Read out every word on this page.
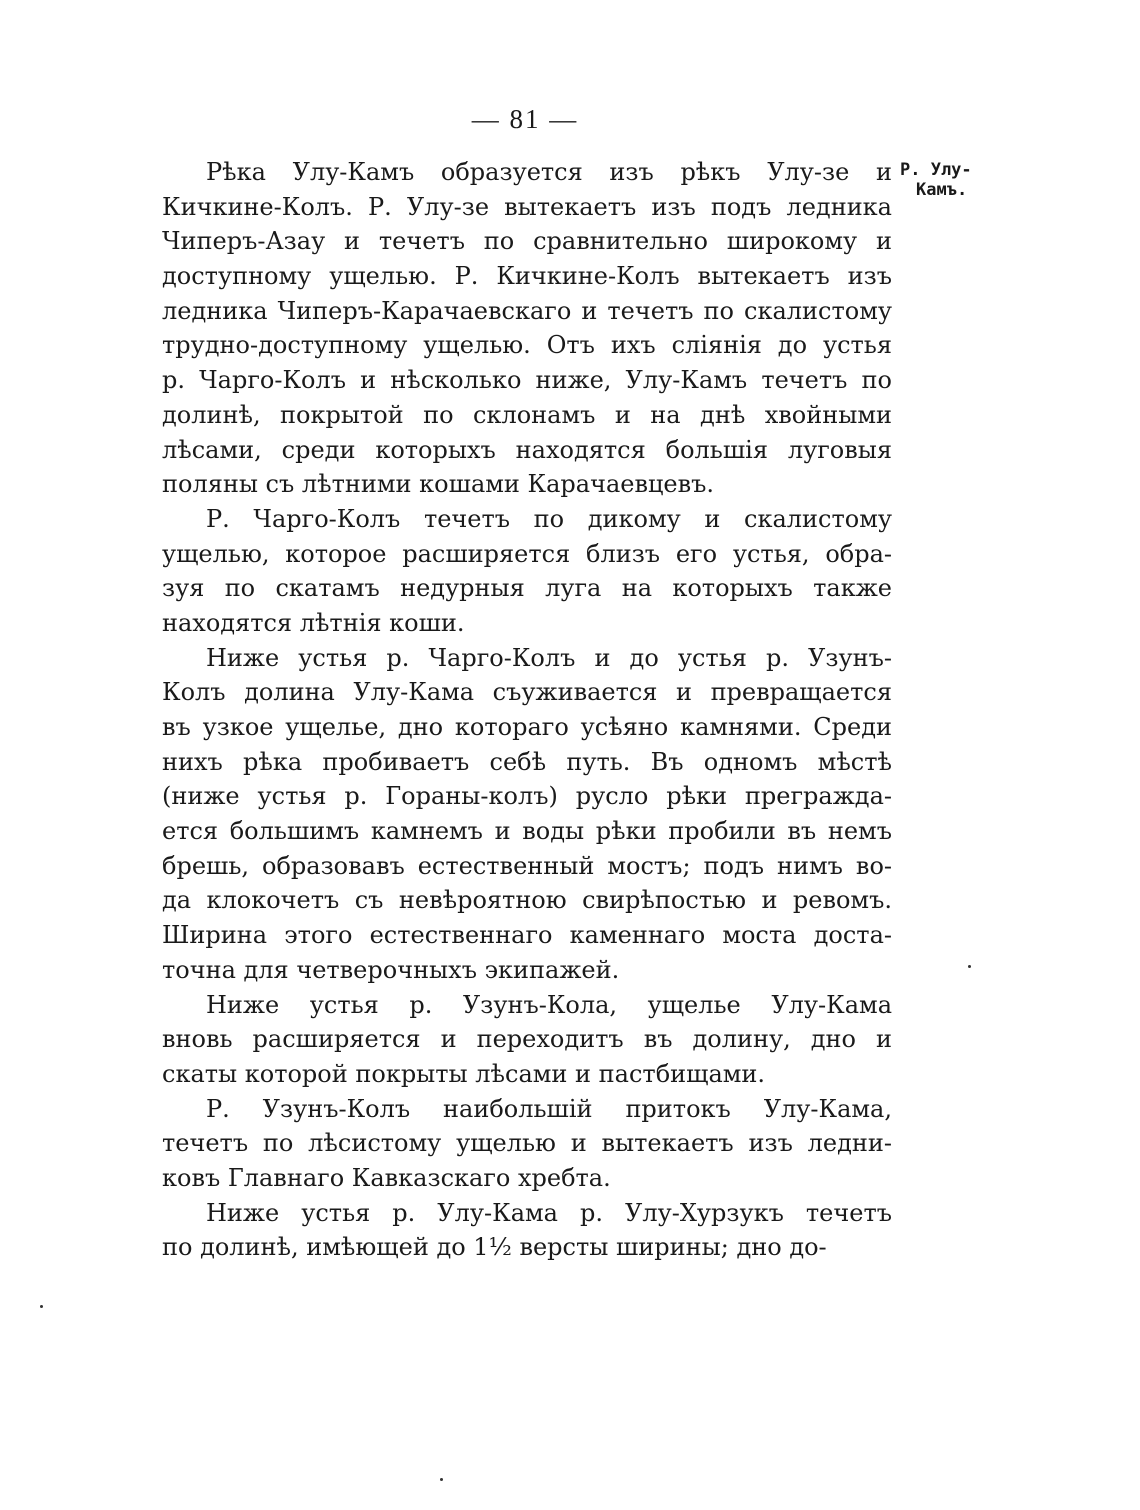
— 81 —
Р. Улу-
Камъ.
Рѣка Улу-Камъ образуется изъ рѣкъ Улу-зе и
Кичкине-Колъ. Р. Улу-зе вытекаетъ изъ подъ ледника
Чиперъ-Азау и течетъ по сравнительно широкому и
доступному ущелью. Р. Кичкине-Колъ вытекаетъ изъ
ледника Чиперъ-Карачаевскаго и течетъ по скалистому
трудно-доступному ущелью. Отъ ихъ сліянія до устья
р. Чарго-Колъ и нѣсколько ниже, Улу-Камъ течетъ по
долинѣ, покрытой по склонамъ и на днѣ хвойными
лѣсами, среди которыхъ находятся большія луговыя
поляны съ лѣтними кошами Карачаевцевъ.
Р. Чарго-Колъ течетъ по дикому и скалистому
ущелью, которое расширяется близъ его устья, обра-
зуя по скатамъ недурныя луга на которыхъ также
находятся лѣтнія коши.
Ниже устья р. Чарго-Колъ и до устья р. Узунъ-
Колъ долина Улу-Кама съуживается и превращается
въ узкое ущелье, дно котораго усѣяно камнями. Среди
нихъ рѣка пробиваетъ себѣ путь. Въ одномъ мѣстѣ
(ниже устья р. Гораны-колъ) русло рѣки преграждa-
ется большимъ камнемъ и воды рѣки пробили въ немъ
брешь, образовавъ естественный мостъ; подъ нимъ во-
да клокочетъ съ невѣроятною свирѣпостью и ревомъ.
Ширина этого естественнаго каменнаго моста доста-
точна для четверочныхъ экипажей.
Ниже устья р. Узунъ-Кола, ущелье Улу-Кама
вновь расширяется и переходитъ въ долину, дно и
скаты которой покрыты лѣсами и пастбищами.
Р. Узунъ-Колъ наибольшій притокъ Улу-Кама,
течетъ по лѣсистому ущелью и вытекаетъ изъ ледни-
ковъ Главнаго Кавказскаго хребта.
Ниже устья р. Улу-Кама р. Улу-Хурзукъ течетъ
по долинѣ, имѣющей до 1½ версты ширины; дно до-
